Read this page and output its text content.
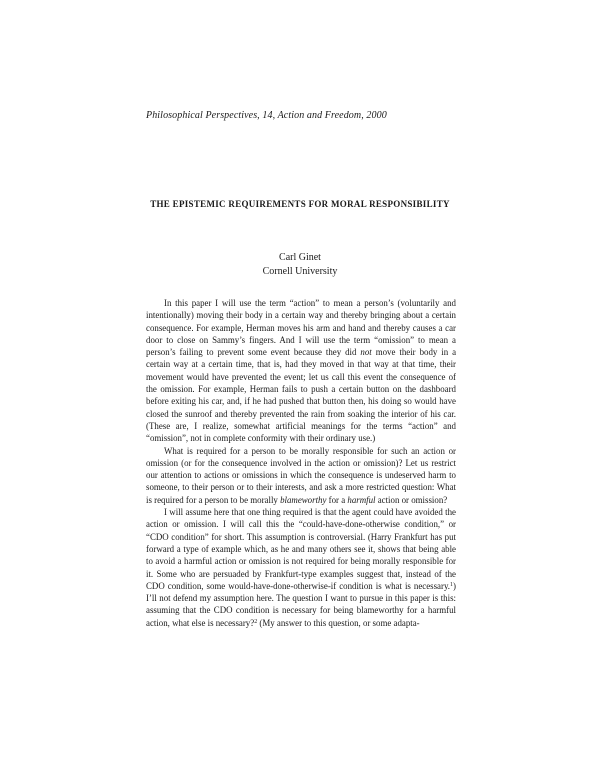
Philosophical Perspectives, 14, Action and Freedom, 2000
THE EPISTEMIC REQUIREMENTS FOR MORAL RESPONSIBILITY
Carl Ginet
Cornell University

In this paper I will use the term “action” to mean a person’s (voluntarily and intentionally) moving their body in a certain way and thereby bringing about a certain consequence. For example, Herman moves his arm and hand and thereby causes a car door to close on Sammy’s fingers. And I will use the term “omission” to mean a person’s failing to prevent some event because they did not move their body in a certain way at a certain time, that is, had they moved in that way at that time, their movement would have prevented the event; let us call this event the consequence of the omission. For example, Herman fails to push a certain button on the dashboard before exiting his car, and, if he had pushed that button then, his doing so would have closed the sunroof and thereby prevented the rain from soaking the interior of his car. (These are, I realize, somewhat artificial meanings for the terms “action” and “omission”, not in complete conformity with their ordinary use.)

What is required for a person to be morally responsible for such an action or omission (or for the consequence involved in the action or omission)? Let us restrict our attention to actions or omissions in which the consequence is undeserved harm to someone, to their person or to their interests, and ask a more restricted question: What is required for a person to be morally blameworthy for a harmful action or omission?

I will assume here that one thing required is that the agent could have avoided the action or omission. I will call this the “could-have-done-otherwise condition,” or “CDO condition” for short. This assumption is controversial. (Harry Frankfurt has put forward a type of example which, as he and many others see it, shows that being able to avoid a harmful action or omission is not required for being morally responsible for it. Some who are persuaded by Frankfurt-type examples suggest that, instead of the CDO condition, some would-have-done-otherwise-if condition is what is necessary.$^1$) I’ll not defend my assumption here. The question I want to pursue in this paper is this: assuming that the CDO condition is necessary for being blameworthy for a harmful action, what else is necessary?$^2$ (My answer to this question, or some adapta-
